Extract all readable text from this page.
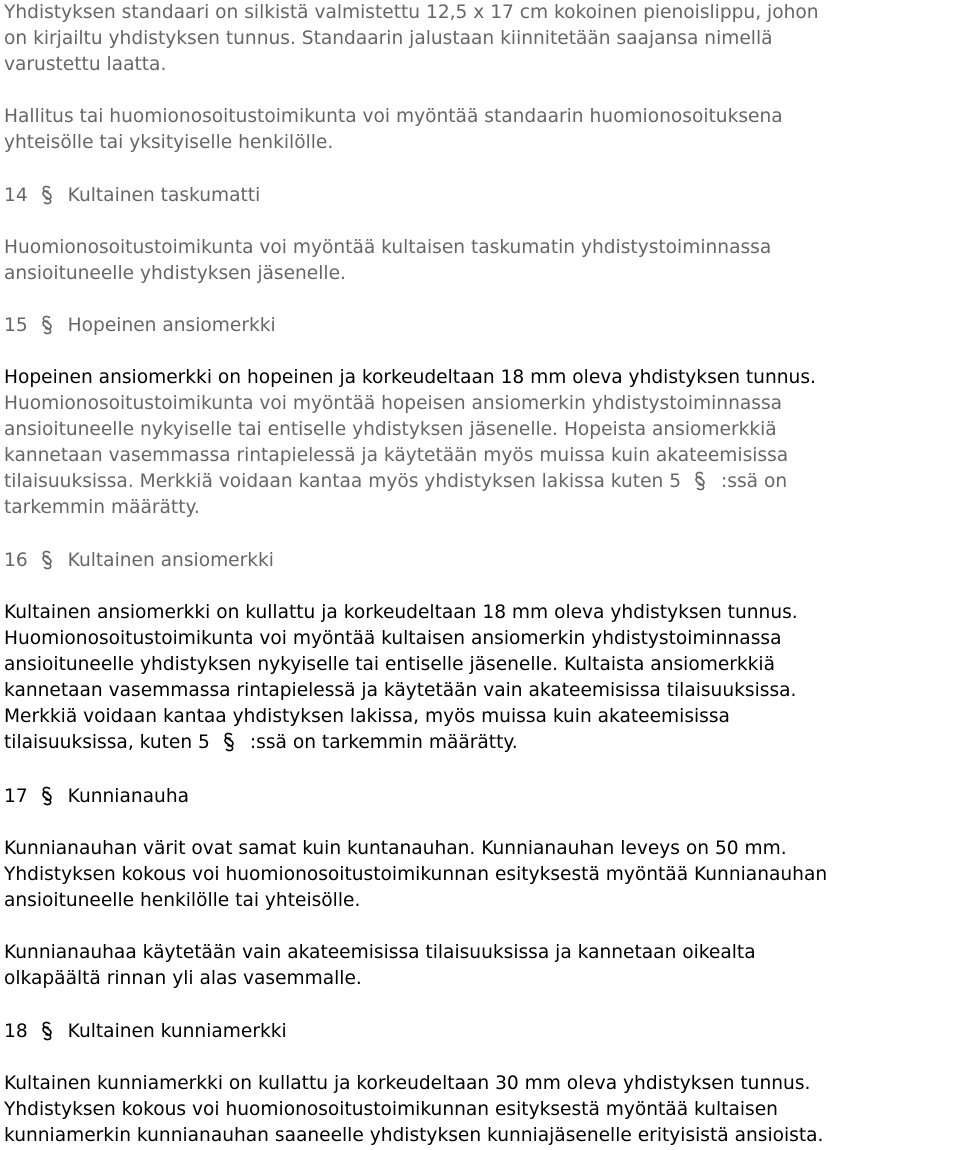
Yhdistyksen standaari on silkistä valmistettu 12,5 x 17 cm kokoinen pienoislippu, johon
on kirjailtu yhdistyksen tunnus. Standaarin jalustaan kiinnitetään saajansa nimellä
varustettu laatta.
Hallitus tai huomionosoitustoimikunta voi myöntää standaarin huomionosoituksena
yhteisölle tai yksityiselle henkilölle.
14 Kultainen taskumatti
Huomionosoitustoimikunta voi myöntää kultaisen taskumatin yhdistystoiminnassa
ansioituneelle yhdistyksen jäsenelle.
15 Hopeinen ansiomerkki
Hopeinen ansiomerkki on hopeinen ja korkeudeltaan 18 mm oleva yhdistyksen tunnus.
Huomionosoitustoimikunta voi myöntää hopeisen ansiomerkin yhdistystoiminnassa
ansioituneelle nykyiselle tai entiselle yhdistyksen jäsenelle. Hopeista ansiomerkkiä
kannetaan vasemmassa rintapielessä ja käytetään myös muissa kuin akateemisissa
tilaisuuksissa. Merkkiä voidaan kantaa myös yhdistyksen lakissa kuten 5 :ssä on
tarkemmin määrätty.
16 Kultainen ansiomerkki
Kultainen ansiomerkki on kullattu ja korkeudeltaan 18 mm oleva yhdistyksen tunnus.
Huomionosoitustoimikunta voi myöntää kultaisen ansiomerkin yhdistystoiminnassa
ansioituneelle yhdistyksen nykyiselle tai entiselle jäsenelle. Kultaista ansiomerkkiä
kannetaan vasemmassa rintapielessä ja käytetään vain akateemisissa tilaisuuksissa.
Merkkiä voidaan kantaa yhdistyksen lakissa, myös muissa kuin akateemisissa
tilaisuuksissa, kuten 5 :ssä on tarkemmin määrätty.
17 Kunnianauha
Kunnianauhan värit ovat samat kuin kuntanauhan. Kunnianauhan leveys on 50 mm.
Yhdistyksen kokous voi huomionosoitustoimikunnan esityksestä myöntää Kunnianauhan
ansioituneelle henkilölle tai yhteisölle.
Kunnianauhaa käytetään vain akateemisissa tilaisuuksissa ja kannetaan oikealta
olkapäältä rinnan yli alas vasemmalle.
18 Kultainen kunniamerkki
Kultainen kunniamerkki on kullattu ja korkeudeltaan 30 mm oleva yhdistyksen tunnus.
Yhdistyksen kokous voi huomionosoitustoimikunnan esityksestä myöntää kultaisen
kunniamerkin kunnianauhan saaneelle yhdistyksen kunniajäsenelle erityisistä ansioista.
